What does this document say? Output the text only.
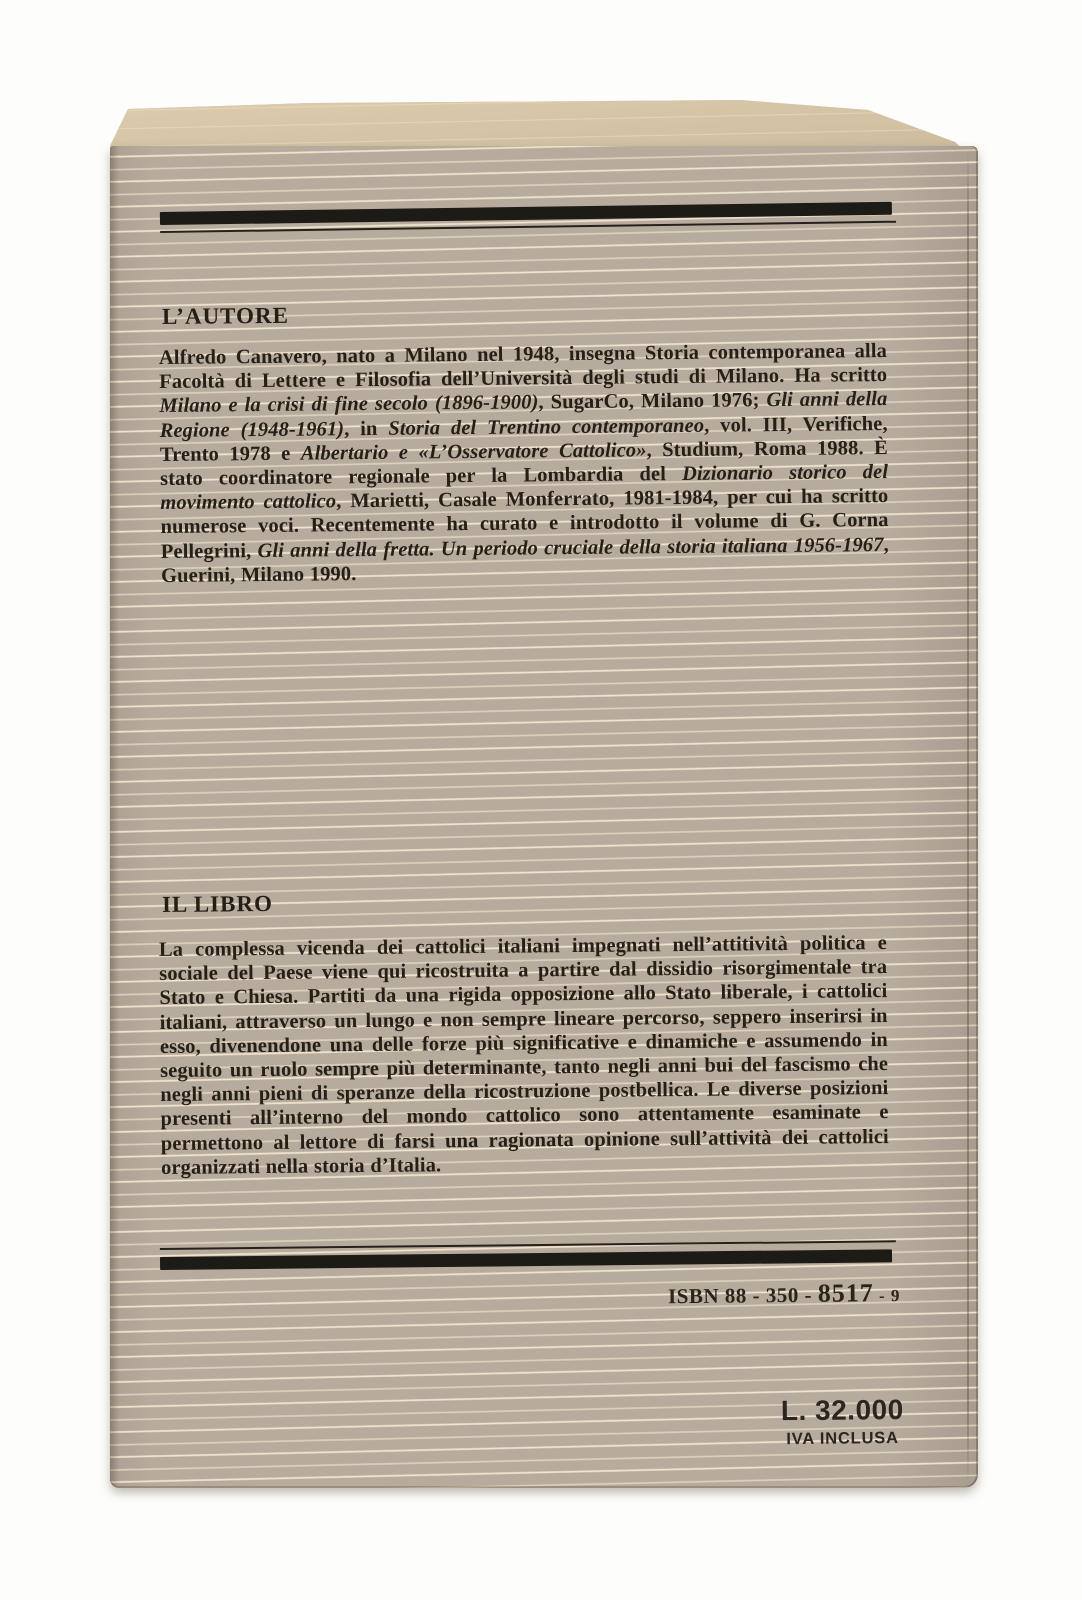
L’AUTORE

Alfredo Canavero, nato a Milano nel 1948, insegna Storia contemporanea alla Facoltà di Lettere e Filosofia dell’Università degli studi di Milano. Ha scritto Milano e la crisi di fine secolo (1896-1900), SugarCo, Milano 1976; Gli anni della Regione (1948-1961), in Storia del Trentino contemporaneo, vol. III, Verifiche, Trento 1978 e Albertario e «L’Osservatore Cattolico», Studium, Roma 1988. È stato coordinatore regionale per la Lombardia del Dizionario storico del movimento cattolico, Marietti, Casale Monferrato, 1981-1984, per cui ha scritto numerose voci. Recentemente ha curato e introdotto il volume di G. Corna Pellegrini, Gli anni della fretta. Un periodo cruciale della storia italiana 1956-1967, Guerini, Milano 1990.

IL LIBRO

La complessa vicenda dei cattolici italiani impegnati nell’attitività politica e sociale del Paese viene qui ricostruita a partire dal dissidio risorgimentale tra Stato e Chiesa. Partiti da una rigida opposizione allo Stato liberale, i cattolici italiani, attraverso un lungo e non sempre lineare percorso, seppero inserirsi in esso, divenendone una delle forze più significative e dinamiche e assumendo in seguito un ruolo sempre più determinante, tanto negli anni bui del fascismo che negli anni pieni di speranze della ricostruzione postbellica. Le diverse posizioni presenti all’interno del mondo cattolico sono attentamente esaminate e permettono al lettore di farsi una ragionata opinione sull’attività dei cattolici organizzati nella storia d’Italia.

ISBN 88 - 350 - 8517 - 9
L. 32.000
IVA INCLUSA
